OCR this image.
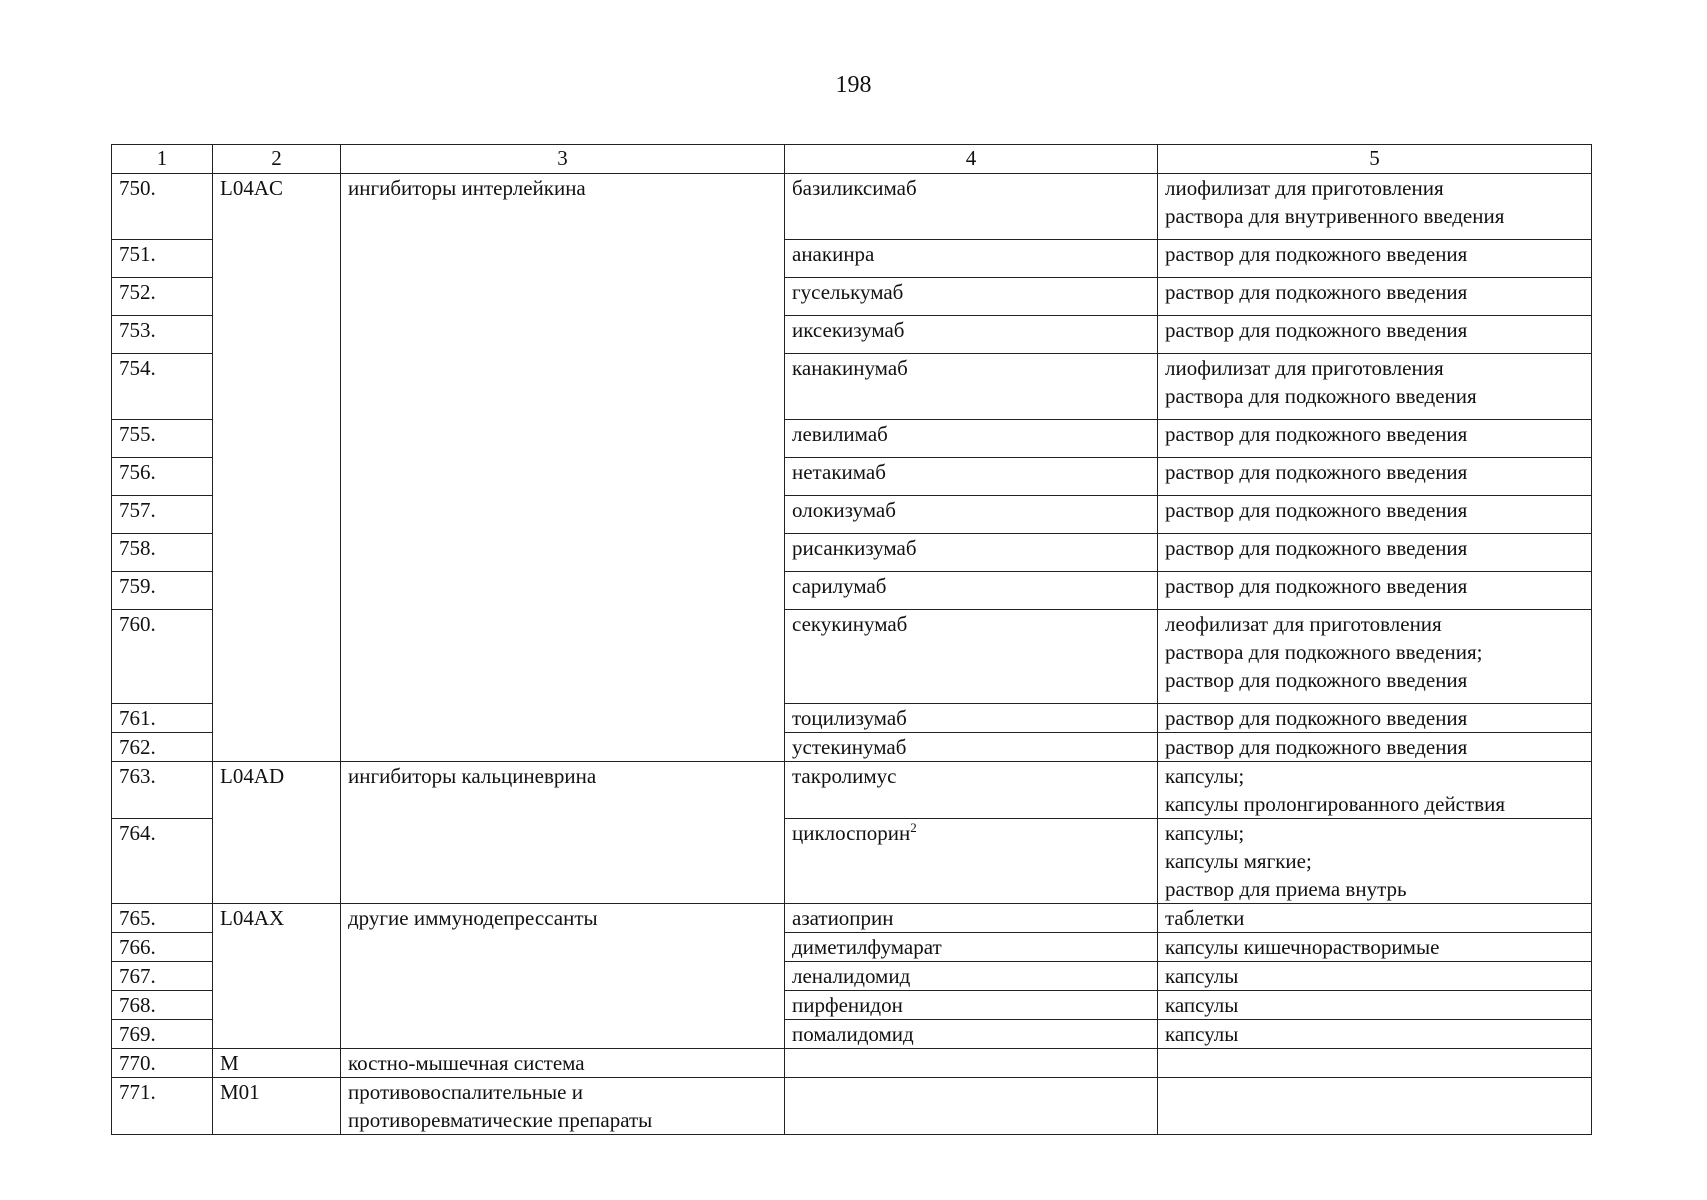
198
1	2	3	4	5
750.	L04AC	ингибиторы интерлейкина	базиликсимаб	лиофилизат для приготовления
раствора для внутривенного введения

751.			анакинра	раствор для подкожного введения

752.			гуселькумаб	раствор для подкожного введения

753.			иксекизумаб	раствор для подкожного введения

754.			канакинумаб	лиофилизат для приготовления
раствора для подкожного введения

755.			левилимаб	раствор для подкожного введения

756.			нетакимаб	раствор для подкожного введения

757.			олокизумаб	раствор для подкожного введения

758.			рисанкизумаб	раствор для подкожного введения

759.			сарилумаб	раствор для подкожного введения

760.			секукинумаб	леофилизат для приготовления
раствора для подкожного введения;
раствор для подкожного введения

761.			тоцилизумаб	раствор для подкожного введения

762.			устекинумаб	раствор для подкожного введения

763.	L04AD	ингибиторы кальциневрина	такролимус	капсулы;
капсулы пролонгированного действия

764.			циклоспорин$^2$	капсулы;
капсулы мягкие;
раствор для приема внутрь

765.	L04AX	другие иммунодепрессанты	азатиоприн	таблетки

766.			диметилфумарат	капсулы кишечнорастворимые

767.			леналидомид	капсулы

768.			пирфенидон	капсулы

769.			помалидомид	капсулы

770.	M	костно-мышечная система		
771.	M01	противовоспалительные и
противоревматические препараты		
